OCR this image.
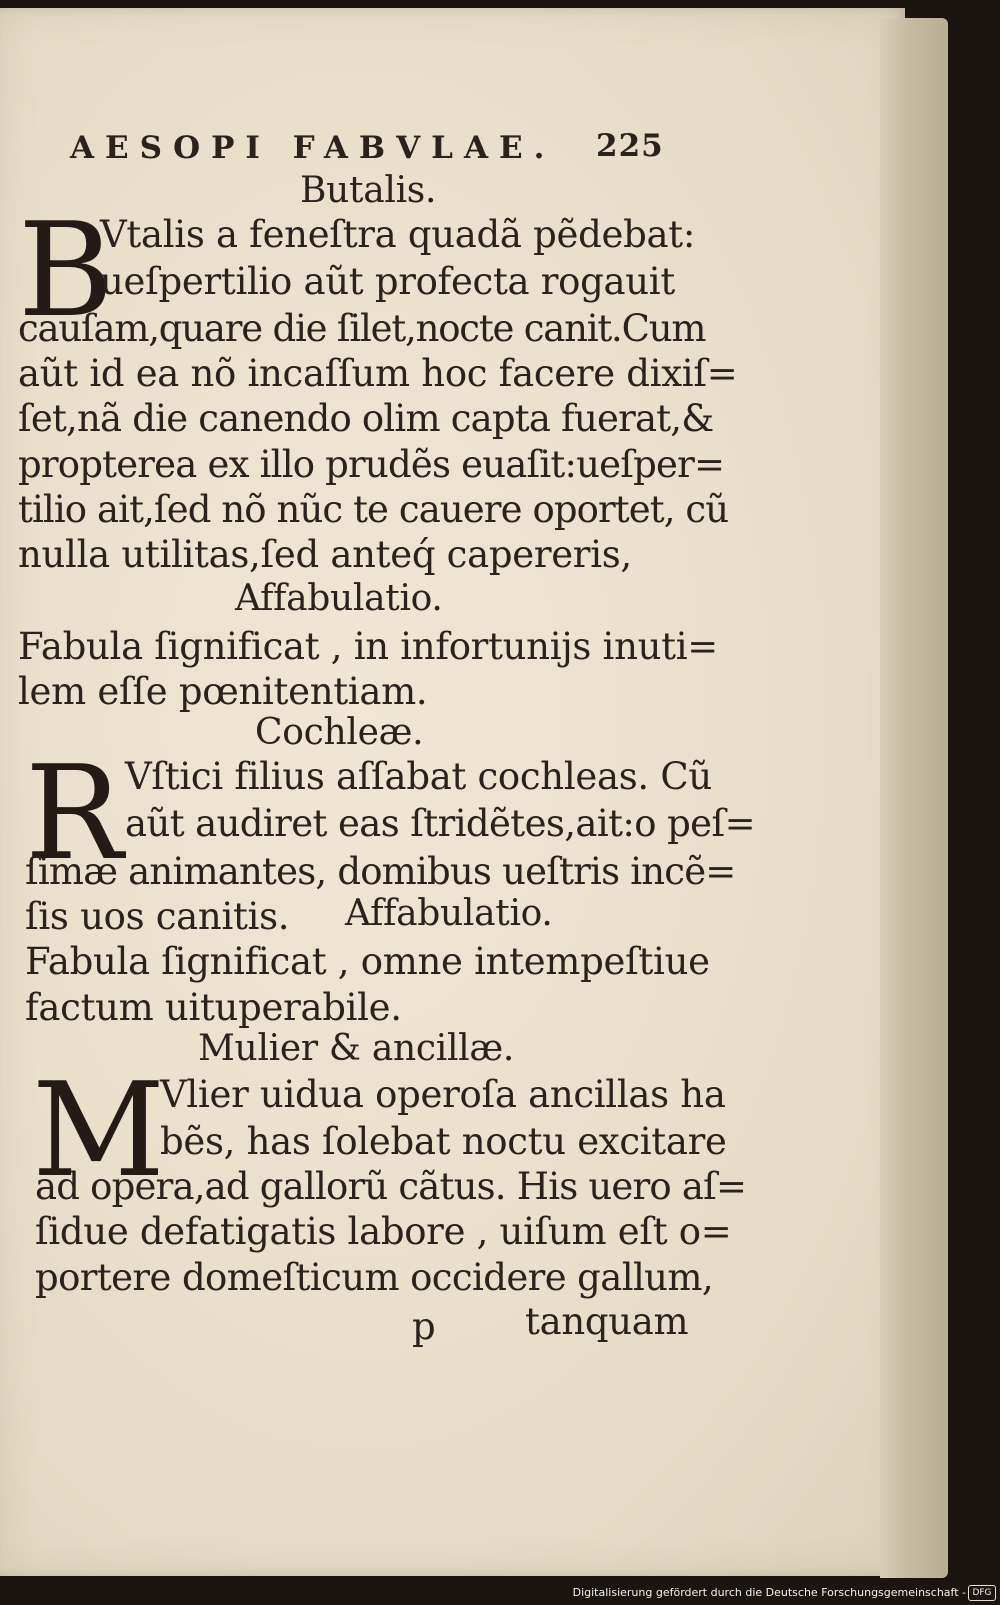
AESOPI FABVLAE. 225
Butalis.
B
Vtalis a feneſtra quadã pẽdebat:
ueſpertilio aũt profecta rogauit
cauſam,quare die ſilet,nocte canit.Cum
aũt id ea nõ incaſſum hoc facere dixiſ=
ſet,nã die canendo olim capta fuerat,&
propterea ex illo prudẽs euaſit:ueſper=
tilio ait,ſed nõ nũc te cauere oportet, cũ
nulla utilitas,ſed anteq́ capereris,
Affabulatio.
Fabula ſignificat , in infortunijs inuti=
lem eſſe pœnitentiam.
Cochleæ.
R Vſtici filius aſſabat cochleas. Cũ
aũt audiret eas ſtridẽtes,ait:o peſ=
ſimæ animantes, domibus ueſtris incẽ=
ſis uos canitis. Affabulatio.
Fabula ſignificat , omne intempeſtiue
factum uituperabile.
Mulier & ancillæ.
M
Vlier uidua operoſa ancillas ha
bẽs, has ſolebat noctu excitare
ad opera,ad gallorũ cãtus. His uero aſ=
ſidue defatigatis labore , uiſum eſt o=
portere domeſticum occidere gallum,
p tanquam
Digitalisierung gefördert durch die Deutsche Forschungsgemeinschaft - DFG
